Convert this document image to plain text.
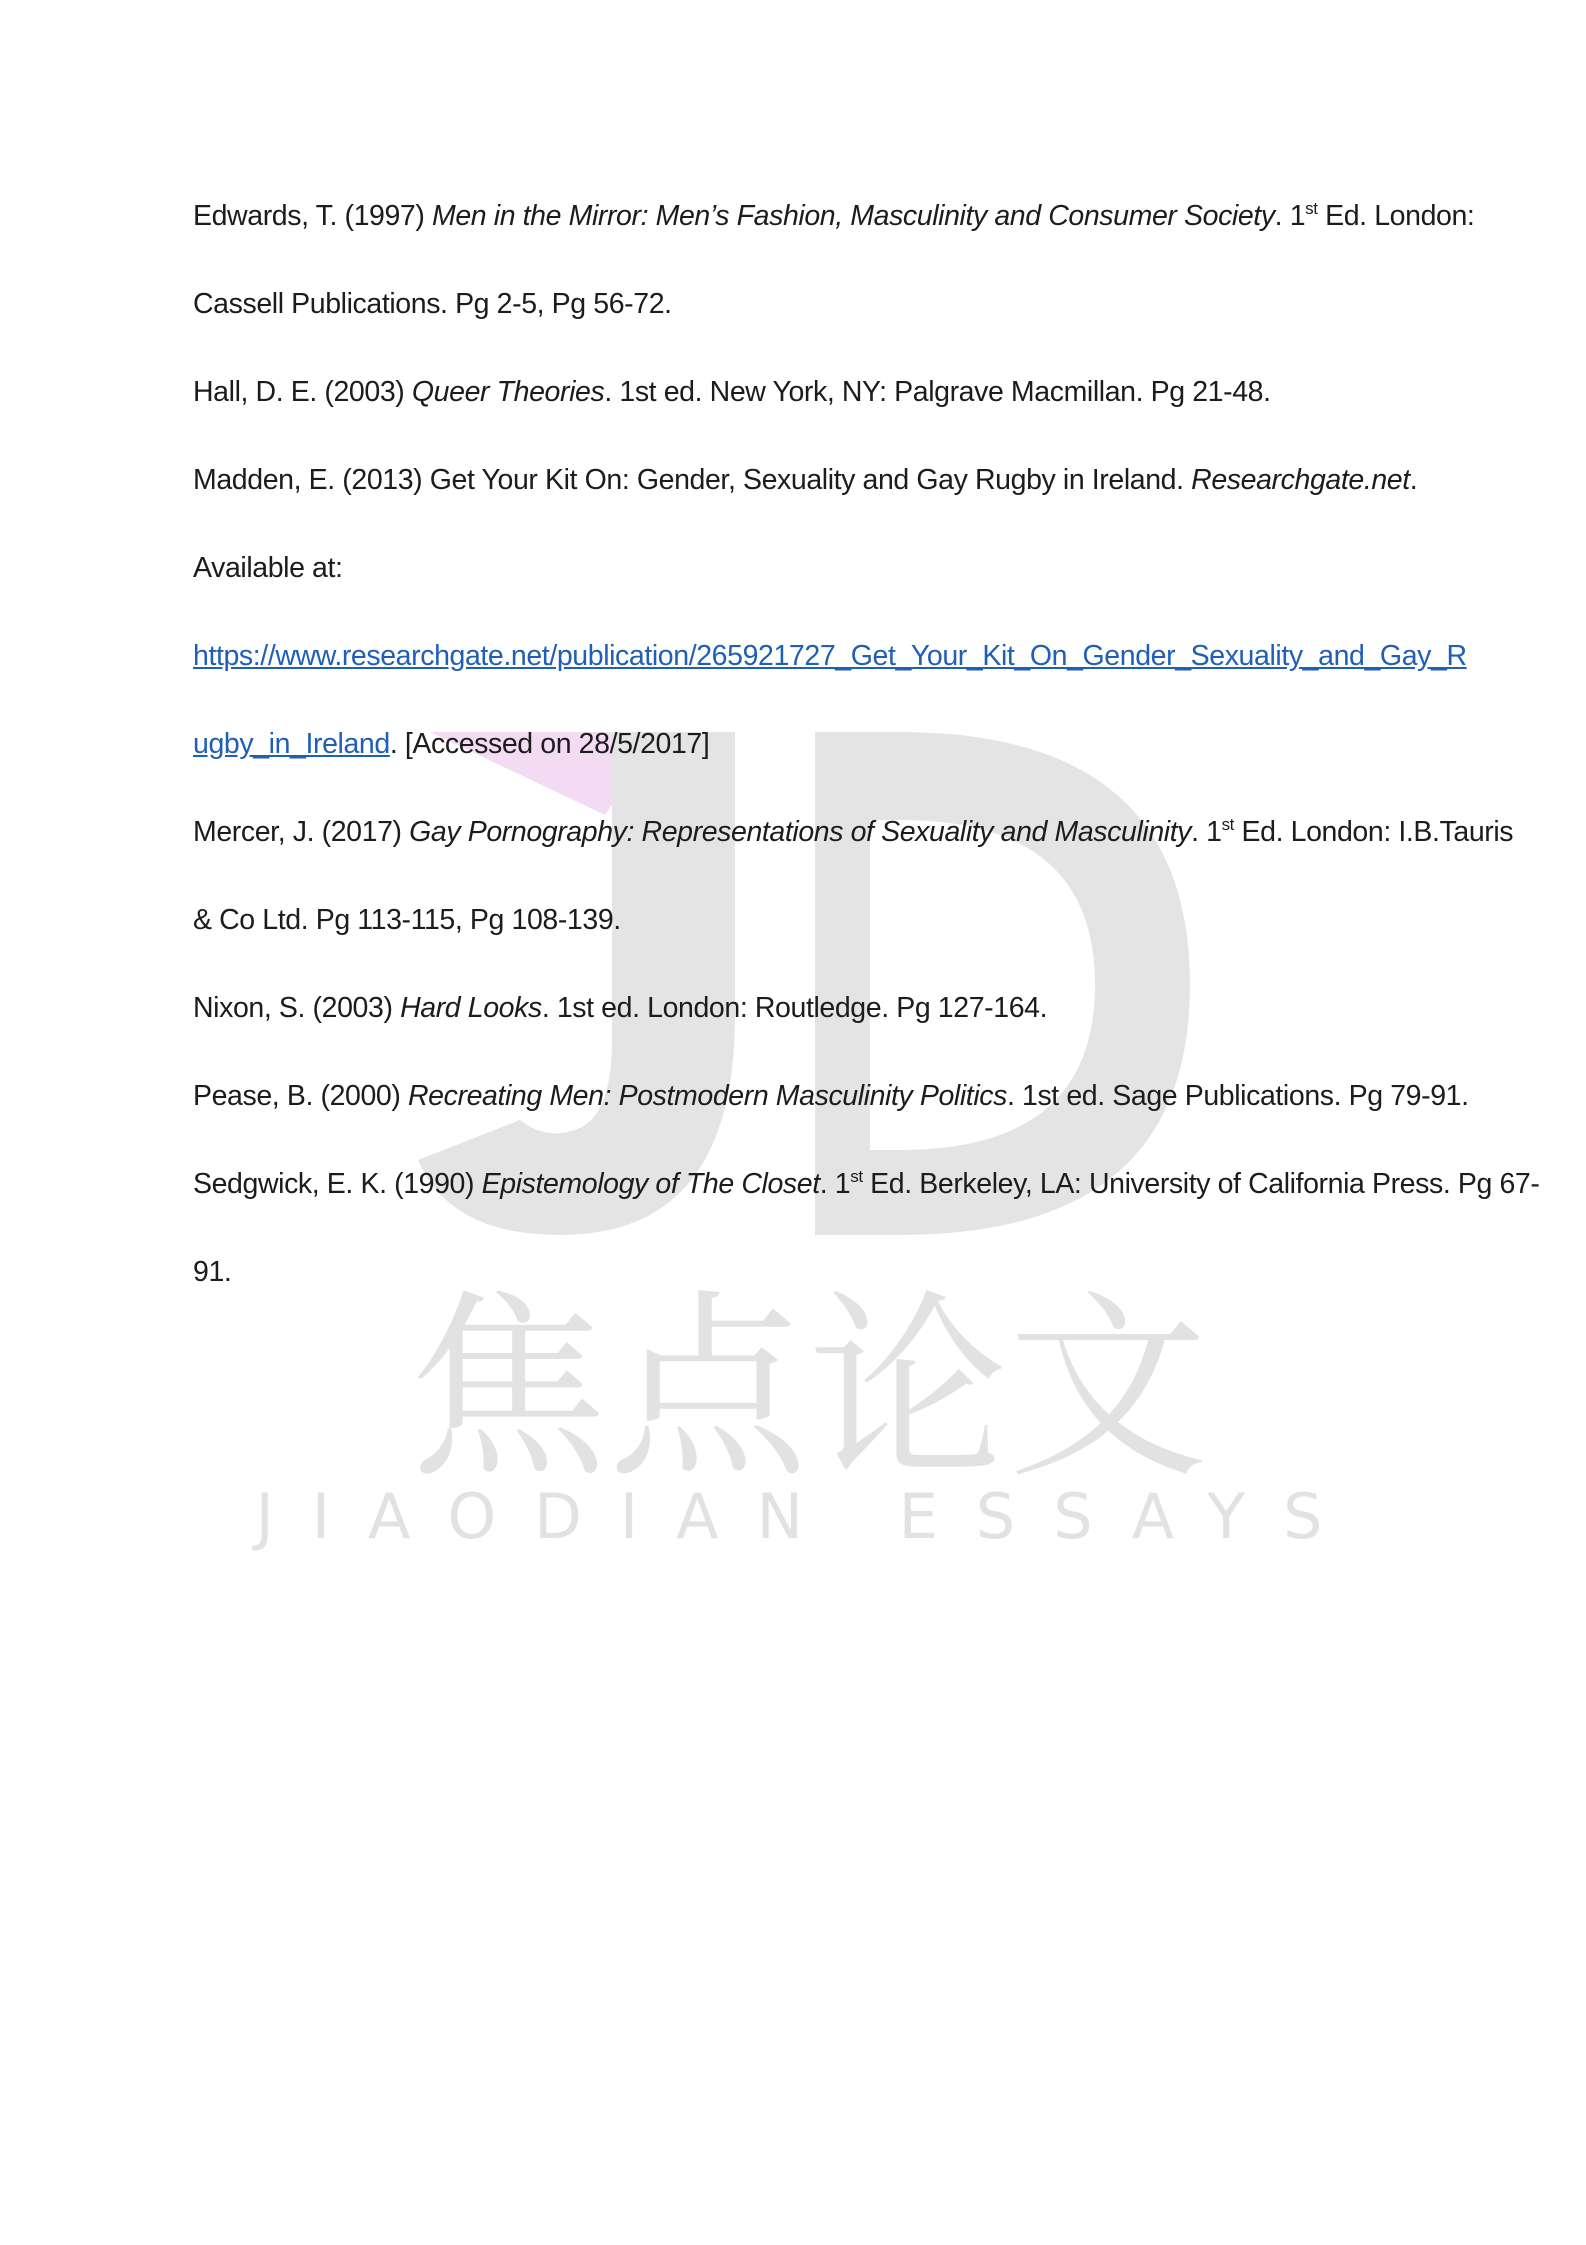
焦点论文
JIAODIAN ESSAYS
Edwards, T. (1997) Men in the Mirror: Men’s Fashion, Masculinity and Consumer Society. 1st Ed. London:
Cassell Publications. Pg 2-5, Pg 56-72.
Hall, D. E. (2003) Queer Theories. 1st ed. New York, NY: Palgrave Macmillan. Pg 21-48.
Madden, E. (2013) Get Your Kit On: Gender, Sexuality and Gay Rugby in Ireland. Researchgate.net.
Available at:
https://www.researchgate.net/publication/265921727_Get_Your_Kit_On_Gender_Sexuality_and_Gay_R
ugby_in_Ireland. [Accessed on 28/5/2017]
Mercer, J. (2017) Gay Pornography: Representations of Sexuality and Masculinity. 1st Ed. London: I.B.Tauris
& Co Ltd. Pg 113-115, Pg 108-139.
Nixon, S. (2003) Hard Looks. 1st ed. London: Routledge. Pg 127-164.
Pease, B. (2000) Recreating Men: Postmodern Masculinity Politics. 1st ed. Sage Publications. Pg 79-91.
Sedgwick, E. K. (1990) Epistemology of The Closet. 1st Ed. Berkeley, LA: University of California Press. Pg 67-
91.
